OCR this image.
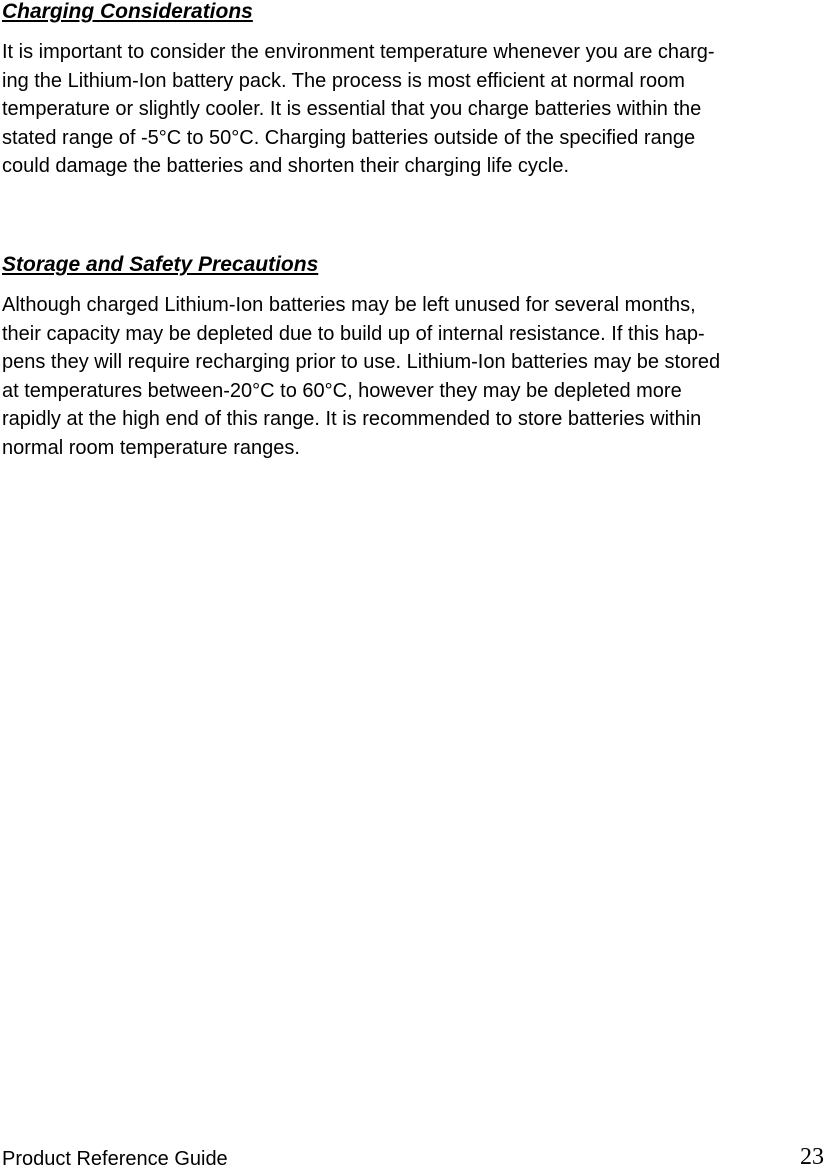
Charging Considerations

It is important to consider the environment temperature whenever you are charg-
ing the Lithium-Ion battery pack. The process is most efficient at normal room
temperature or slightly cooler. It is essential that you charge batteries within the
stated range of -5°C to 50°C. Charging batteries outside of the specified range
could damage the batteries and shorten their charging life cycle.

Storage and Safety Precautions

Although charged Lithium-Ion batteries may be left unused for several months,
their capacity may be depleted due to build up of internal resistance. If this hap-
pens they will require recharging prior to use. Lithium-Ion batteries may be stored
at temperatures between-20°C to 60°C, however they may be depleted more
rapidly at the high end of this range. It is recommended to store batteries within
normal room temperature ranges.

Product Reference Guide	23
